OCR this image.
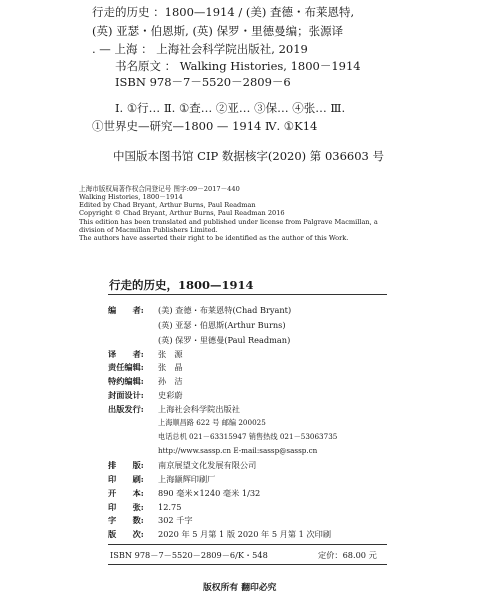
行走的历史 ：1800—1914 / (美) 査德・布莱恩特,
(英) 亚瑟・伯恩斯, (英) 保罗・里德曼编；张源译
. — 上海 ： 上海社会科学院出版社, 2019
书名原文 ： Walking Histories, 1800－1914
ISBN 978－7－5520－2809－6
Ⅰ. ①行… Ⅱ. ①查… ②亚… ③保… ④张… Ⅲ.
①世界史—研究—1800 — 1914 Ⅳ. ①K14
中国版本图书馆 CIP 数据核字(2020) 第 036603 号
上海市版权局著作权合同登记号 图字:09－2017－440
Walking Histories, 1800－1914
Edited by Chad Bryant, Arthur Burns, Paul Readman
Copyright © Chad Bryant, Arthur Burns, Paul Readman 2016
This edition has been translated and published under license from Palgrave Macmillan, a
division of Macmillan Publishers Limited.
The authors have asserted their right to be identified as the author of this Work.
行走的历史，1800—1914
编　　者: (美) 查德・布莱恩特(Chad Bryant)
(英) 亚瑟・伯恩斯(Arthur Burns)
(英) 保罗・里德曼(Paul Readman)
译　　者: 张　源
责任编辑: 张　晶
特约编辑: 孙　洁
封面设计: 史彩蔚
出版发行: 上海社会科学院出版社
上海顺昌路 622 号 邮编 200025
电话总机 021－63315947 销售热线 021－53063735
http://www.sassp.cn E-mail:sassp@sassp.cn
排　　版: 南京展望文化发展有限公司
印　　刷: 上海颛辉印刷厂
开　　本: 890 毫米×1240 毫米 1/32
印　　张: 12.75
字　　数: 302 千字
版　　次: 2020 年 5 月第 1 版 2020 年 5 月第 1 次印刷
ISBN 978－7－5520－2809－6/K・548	定价：68.00 元
版权所有 翻印必究
